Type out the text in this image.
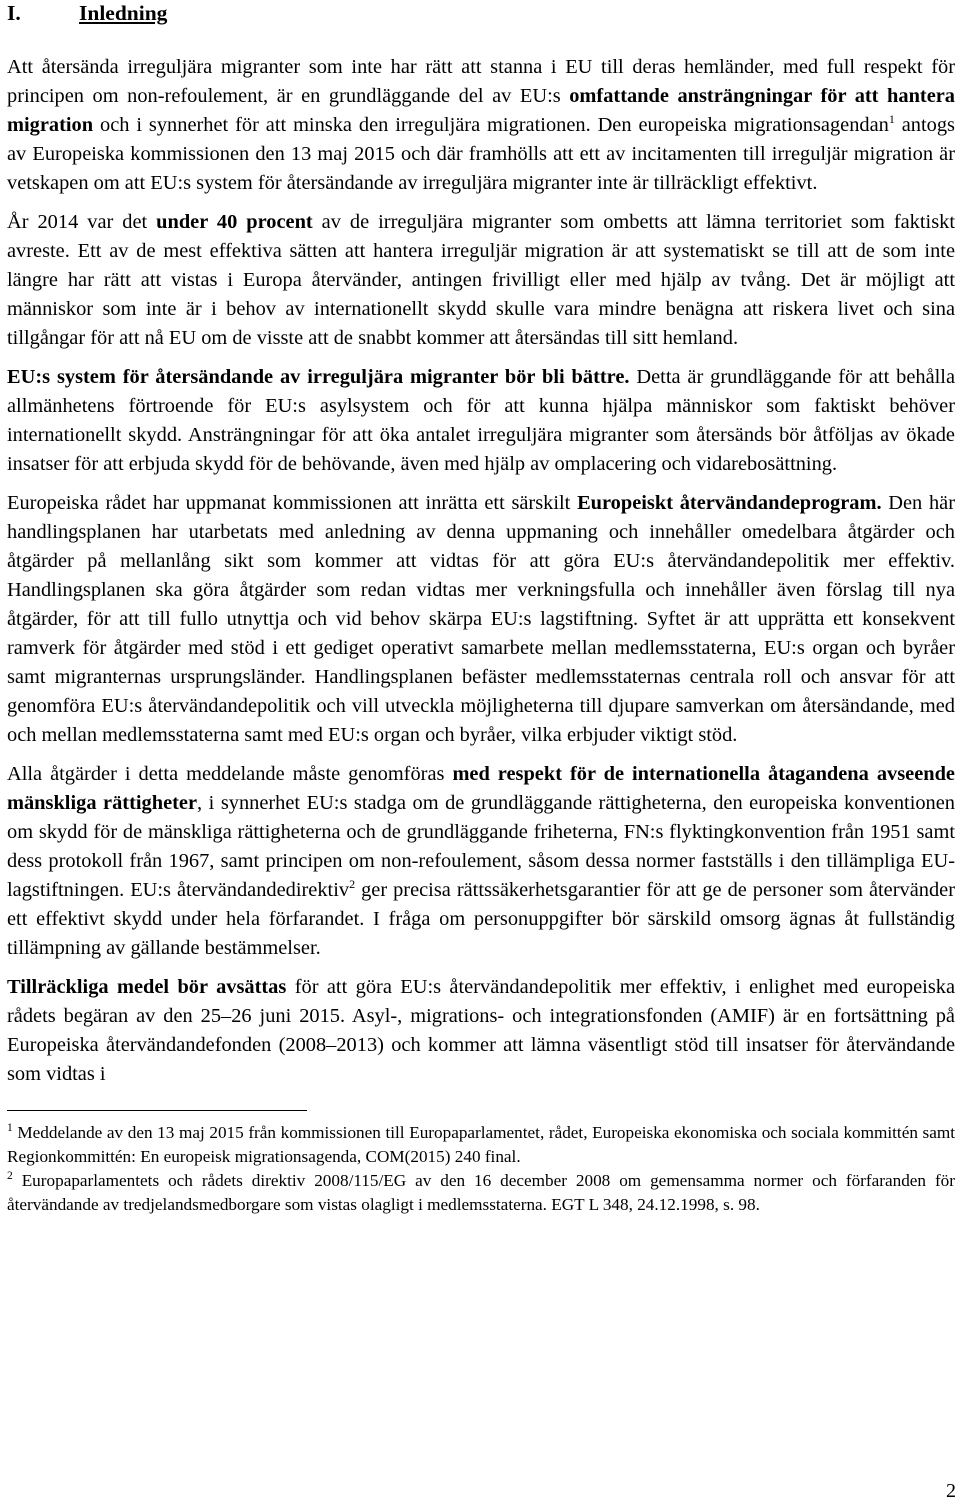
I.	Inledning

Att återsända irreguljära migranter som inte har rätt att stanna i EU till deras hemländer, med full respekt för principen om non-refoulement, är en grundläggande del av EU:s omfattande ansträngningar för att hantera migration och i synnerhet för att minska den irreguljära migrationen. Den europeiska migrationsagendan$^1$ antogs av Europeiska kommissionen den 13 maj 2015 och där framhölls att ett av incitamenten till irreguljär migration är vetskapen om att EU:s system för återsändande av irreguljära migranter inte är tillräckligt effektivt.

År 2014 var det under 40 procent av de irreguljära migranter som ombetts att lämna territoriet som faktiskt avreste. Ett av de mest effektiva sätten att hantera irreguljär migration är att systematiskt se till att de som inte längre har rätt att vistas i Europa återvänder, antingen frivilligt eller med hjälp av tvång. Det är möjligt att människor som inte är i behov av internationellt skydd skulle vara mindre benägna att riskera livet och sina tillgångar för att nå EU om de visste att de snabbt kommer att återsändas till sitt hemland.

EU:s system för återsändande av irreguljära migranter bör bli bättre. Detta är grundläggande för att behålla allmänhetens förtroende för EU:s asylsystem och för att kunna hjälpa människor som faktiskt behöver internationellt skydd. Ansträngningar för att öka antalet irreguljära migranter som återsänds bör åtföljas av ökade insatser för att erbjuda skydd för de behövande, även med hjälp av omplacering och vidarebosättning.

Europeiska rådet har uppmanat kommissionen att inrätta ett särskilt Europeiskt återvändandeprogram. Den här handlingsplanen har utarbetats med anledning av denna uppmaning och innehåller omedelbara åtgärder och åtgärder på mellanlång sikt som kommer att vidtas för att göra EU:s återvändandepolitik mer effektiv. Handlingsplanen ska göra åtgärder som redan vidtas mer verkningsfulla och innehåller även förslag till nya åtgärder, för att till fullo utnyttja och vid behov skärpa EU:s lagstiftning. Syftet är att upprätta ett konsekvent ramverk för åtgärder med stöd i ett gediget operativt samarbete mellan medlemsstaterna, EU:s organ och byråer samt migranternas ursprungsländer. Handlingsplanen befäster medlemsstaternas centrala roll och ansvar för att genomföra EU:s återvändandepolitik och vill utveckla möjligheterna till djupare samverkan om återsändande, med och mellan medlemsstaterna samt med EU:s organ och byråer, vilka erbjuder viktigt stöd.

Alla åtgärder i detta meddelande måste genomföras med respekt för de internationella åtagandena avseende mänskliga rättigheter, i synnerhet EU:s stadga om de grundläggande rättigheterna, den europeiska konventionen om skydd för de mänskliga rättigheterna och de grundläggande friheterna, FN:s flyktingkonvention från 1951 samt dess protokoll från 1967, samt principen om non-refoulement, såsom dessa normer fastställs i den tillämpliga EU-lagstiftningen. EU:s återvändandedirektiv$^2$ ger precisa rättssäkerhetsgarantier för att ge de personer som återvänder ett effektivt skydd under hela förfarandet. I fråga om personuppgifter bör särskild omsorg ägnas åt fullständig tillämpning av gällande bestämmelser.

Tillräckliga medel bör avsättas för att göra EU:s återvändandepolitik mer effektiv, i enlighet med europeiska rådets begäran av den 25–26 juni 2015. Asyl-, migrations- och integrationsfonden (AMIF) är en fortsättning på Europeiska återvändandefonden (2008–2013) och kommer att lämna väsentligt stöd till insatser för återvändande som vidtas i

$^1$ Meddelande av den 13 maj 2015 från kommissionen till Europaparlamentet, rådet, Europeiska ekonomiska och sociala kommittén samt Regionkommittén: En europeisk migrationsagenda, COM(2015) 240 final.

$^2$ Europaparlamentets och rådets direktiv 2008/115/EG av den 16 december 2008 om gemensamma normer och förfaranden för återvändande av tredjelandsmedborgare som vistas olagligt i medlemsstaterna. EGT L 348, 24.12.1998, s. 98.

2
